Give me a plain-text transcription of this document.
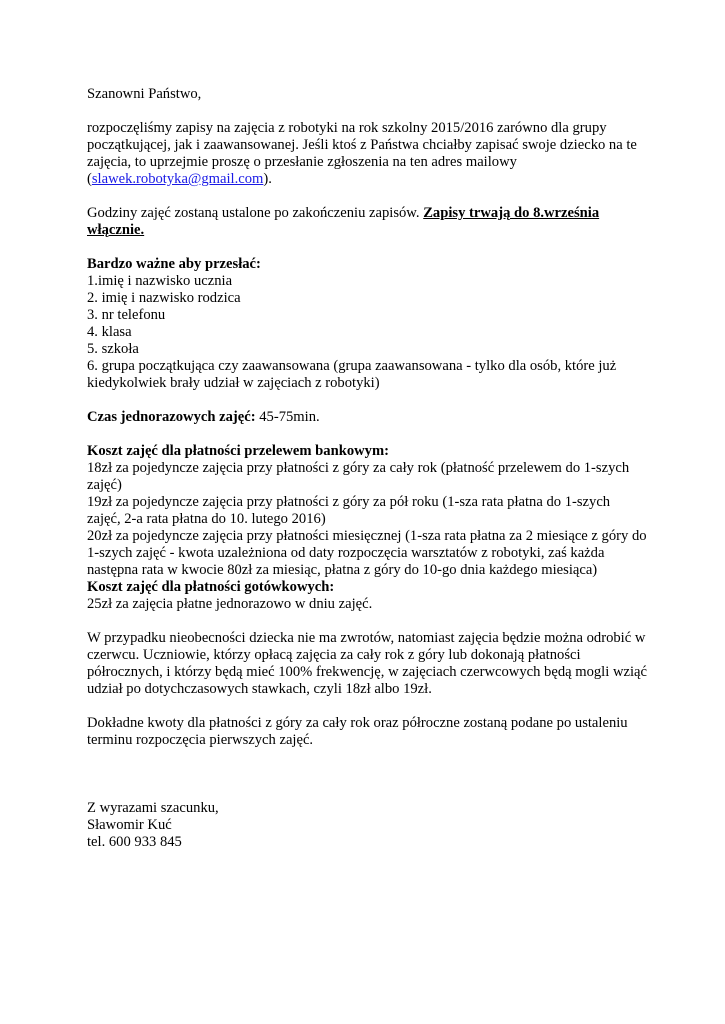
Szanowni Państwo,

rozpoczęliśmy zapisy na zajęcia z robotyki na rok szkolny 2015/2016 zarówno dla grupy początkującej, jak i zaawansowanej. Jeśli ktoś z Państwa chciałby zapisać swoje dziecko na te zajęcia, to uprzejmie proszę o przesłanie zgłoszenia na ten adres mailowy (slawek.robotyka@gmail.com).

Godziny zajęć zostaną ustalone po zakończeniu zapisów. Zapisy trwają do 8.września włącznie.

Bardzo ważne aby przesłać:

1.imię i nazwisko ucznia
2. imię i nazwisko rodzica
3. nr telefonu
4. klasa
5. szkoła
6. grupa początkująca czy zaawansowana (grupa zaawansowana - tylko dla osób, które już kiedykolwiek brały udział w zajęciach z robotyki)

Czas jednorazowych zajęć: 45-75min.

Koszt zajęć dla płatności przelewem bankowym:

18zł za pojedyncze zajęcia przy płatności z góry za cały rok (płatność przelewem do 1-szych zajęć)
19zł za pojedyncze zajęcia przy płatności z góry za pół roku (1-sza rata płatna do 1-szych zajęć, 2-a rata płatna do 10. lutego 2016)
20zł za pojedyncze zajęcia przy płatności miesięcznej (1-sza rata płatna za 2 miesiące z góry do 1-szych zajęć - kwota uzależniona od daty rozpoczęcia warsztatów z robotyki, zaś każda następna rata w kwocie 80zł za miesiąc, płatna z góry do 10-go dnia każdego miesiąca)

Koszt zajęć dla płatności gotówkowych:

25zł za zajęcia płatne jednorazowo w dniu zajęć.

W przypadku nieobecności dziecka nie ma zwrotów, natomiast zajęcia będzie można odrobić w czerwcu. Uczniowie, którzy opłacą zajęcia za cały rok z góry lub dokonają płatności półrocznych, i którzy będą mieć 100% frekwencję, w zajęciach czerwcowych będą mogli wziąć udział po dotychczasowych stawkach, czyli 18zł albo 19zł.

Dokładne kwoty dla płatności z góry za cały rok oraz półroczne zostaną podane po ustaleniu terminu rozpoczęcia pierwszych zajęć.

Z wyrazami szacunku,

Sławomir Kuć

tel. 600 933 845
